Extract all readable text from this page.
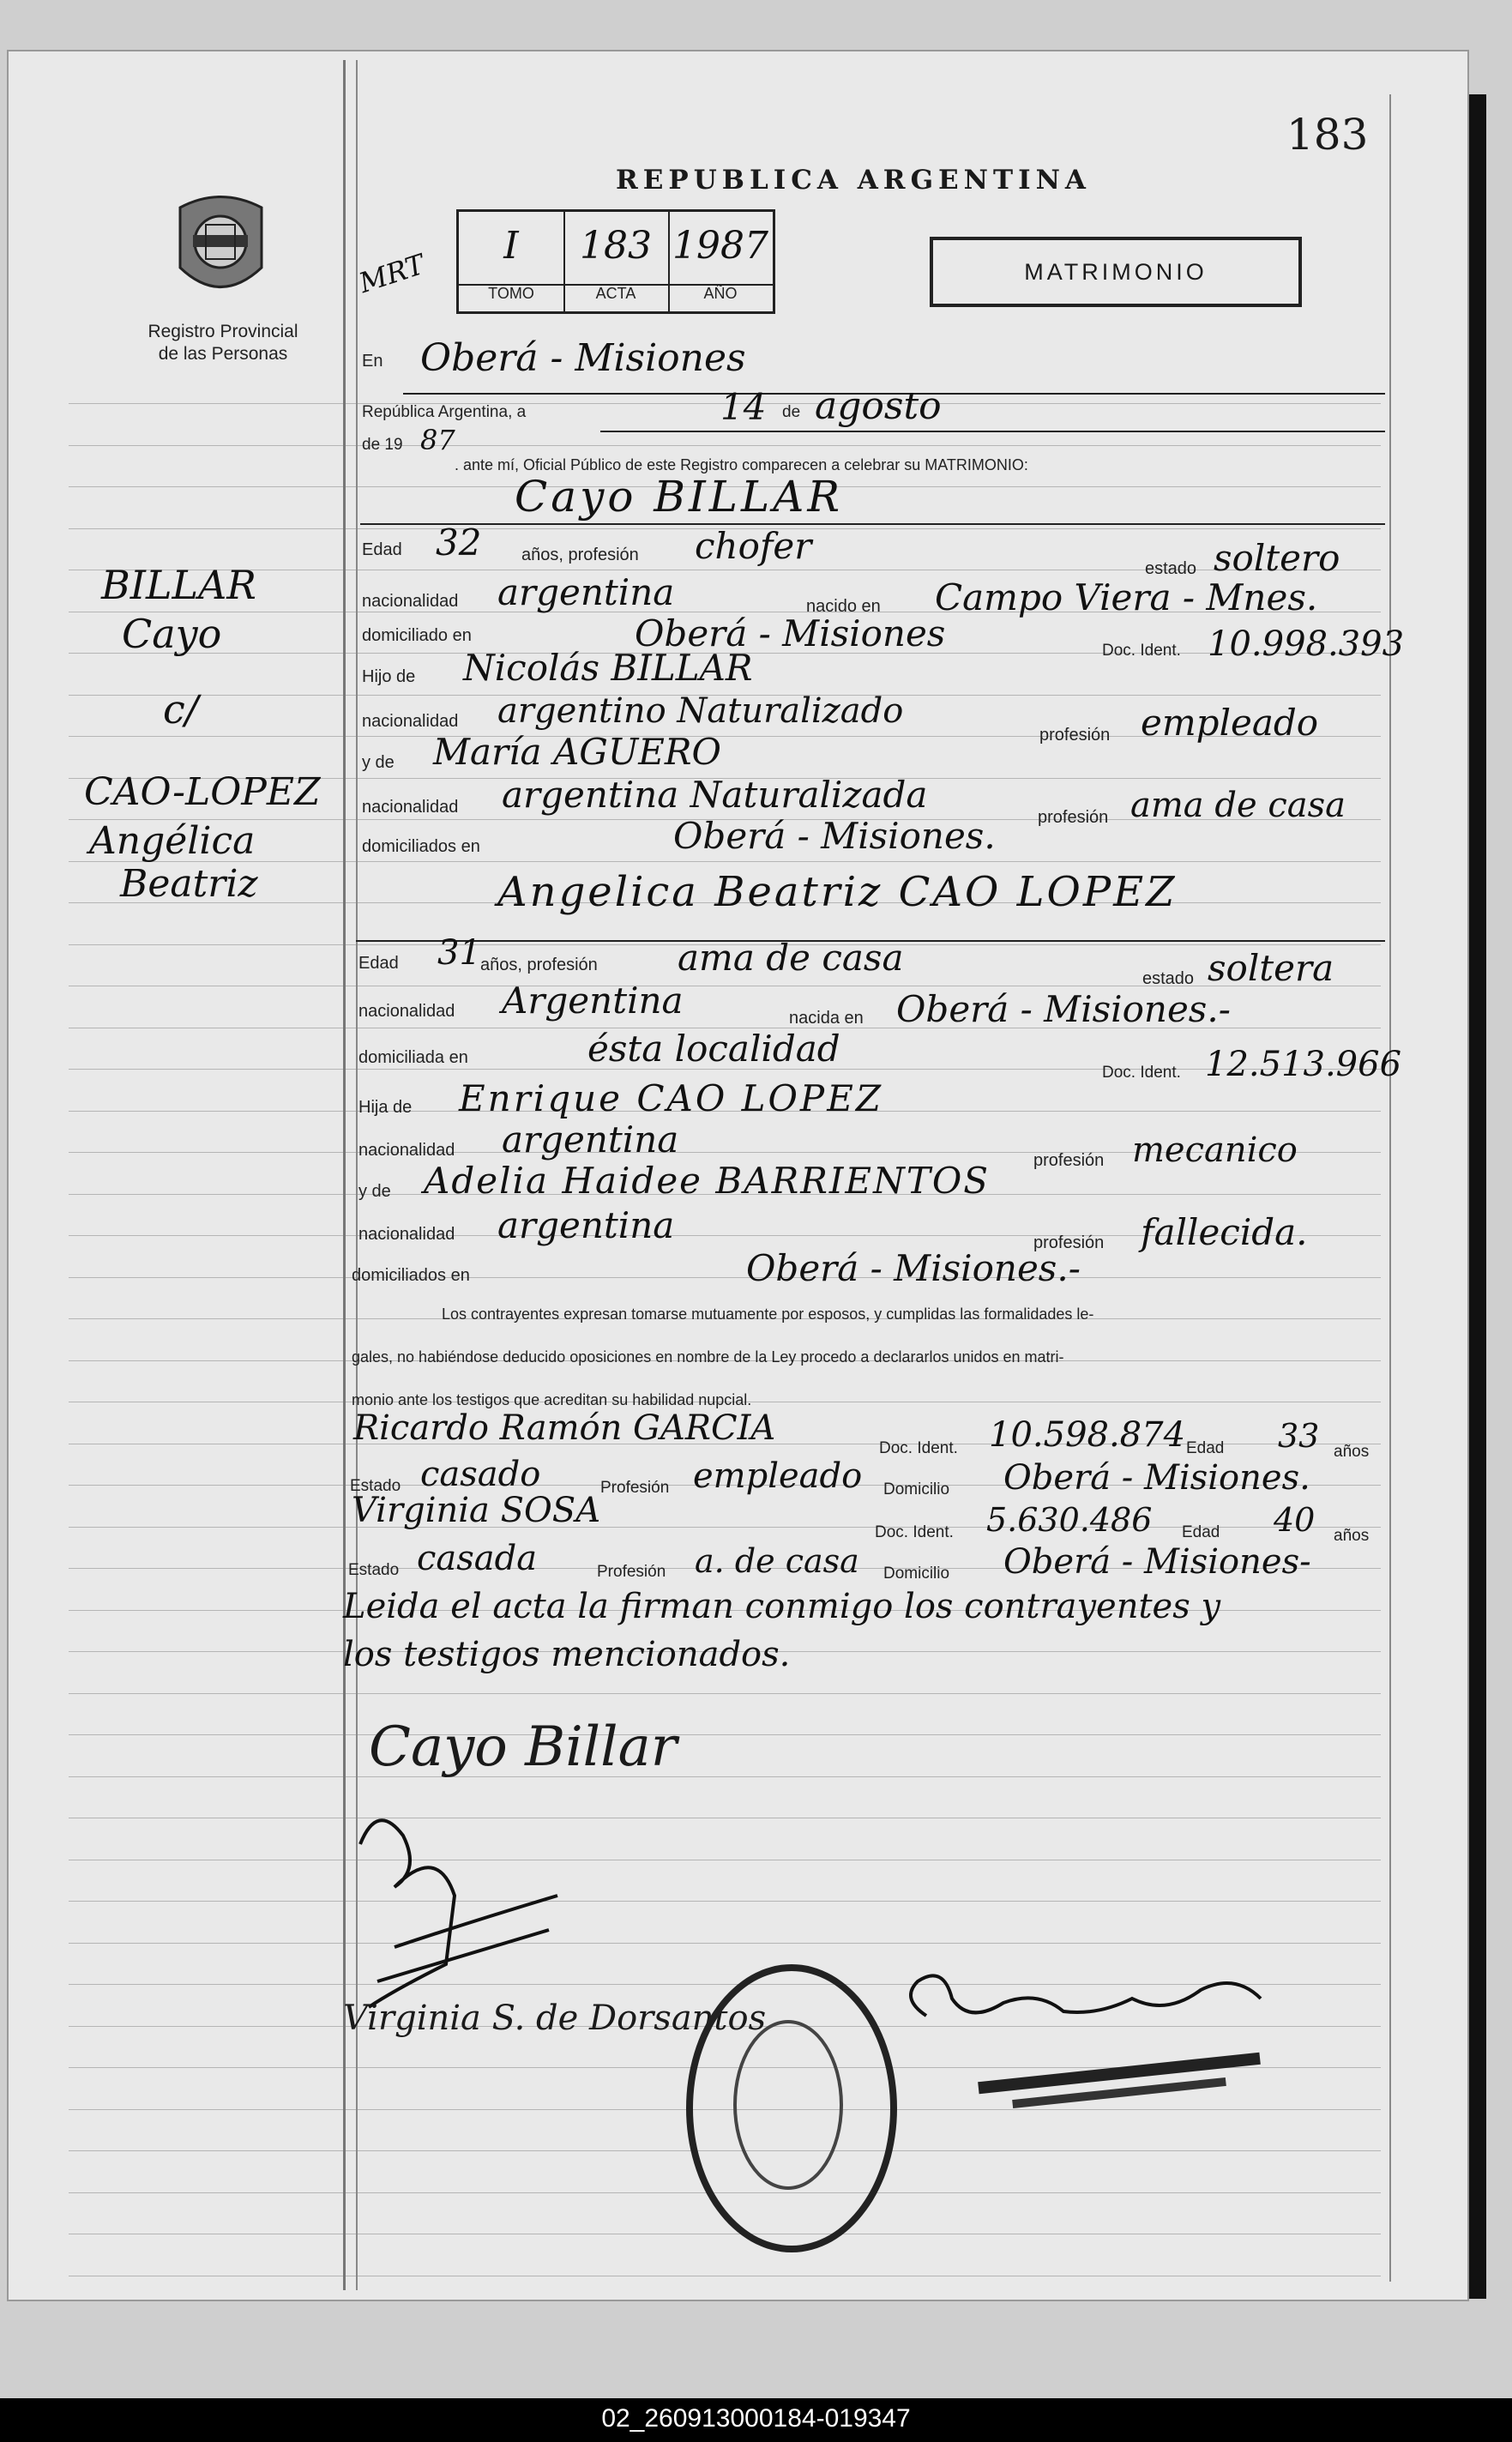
183
Registro Provincial
de las Personas
REPUBLICA ARGENTINA
MRT
I
TOMO
183
ACTA
1987
AÑO
MATRIMONIO
BILLAR
Cayo
c/
CAO-LOPEZ
Angélica
Beatriz
En Oberá - Misiones
República Argentina, a	14 de agosto
de 19 87
. ante mí, Oficial Público de este Registro comparecen a celebrar su MATRIMONIO:
Cayo BILLAR
Edad 32 años, profesión chofer
estado soltero
nacionalidad argentina	nacido en Campo Viera - Mnes.
domiciliado en	Oberá - Misiones	Doc. Ident. 10.998.393
Hijo de Nicolás BILLAR
nacionalidad argentino Naturalizado
profesión empleado
y de María AGUERO
nacionalidad argentina Naturalizada
profesión ama de casa
domiciliados en	Oberá - Misiones.
Angelica Beatriz CAO LOPEZ
Edad 31 años, profesión ama de casa	estado soltera
nacionalidad Argentina	nacida en Oberá - Misiones.-
domiciliada en	ésta localidad
Doc. Ident. 12.513.966
Hija de Enrique CAO LOPEZ
nacionalidad argentina	profesión mecanico
y de Adelia Haidee BARRIENTOS
nacionalidad argentina	profesión fallecida.
domiciliados en	Oberá - Misiones.-
Los contrayentes expresan tomarse mutuamente por esposos, y cumplidas las formalidades le-
gales, no habiéndose deducido oposiciones en nombre de la Ley procedo a declararlos unidos en matri-
monio ante los testigos que acreditan su habilidad nupcial.
Ricardo Ramón GARCIA
Doc. Ident. 10.598.874 Edad 33 años
Estado casado	Profesión empleado Domicilio Oberá - Misiones.
Virginia SOSA
Doc. Ident. 5.630.486 Edad 40 años
Estado casada	Profesión a. de casa Domicilio Oberá - Misiones-
Leida el acta la firman conmigo los contrayentes y
los testigos mencionados.
Cayo Billar
Virginia S. de Dorsantos
02_260913000184-019347
